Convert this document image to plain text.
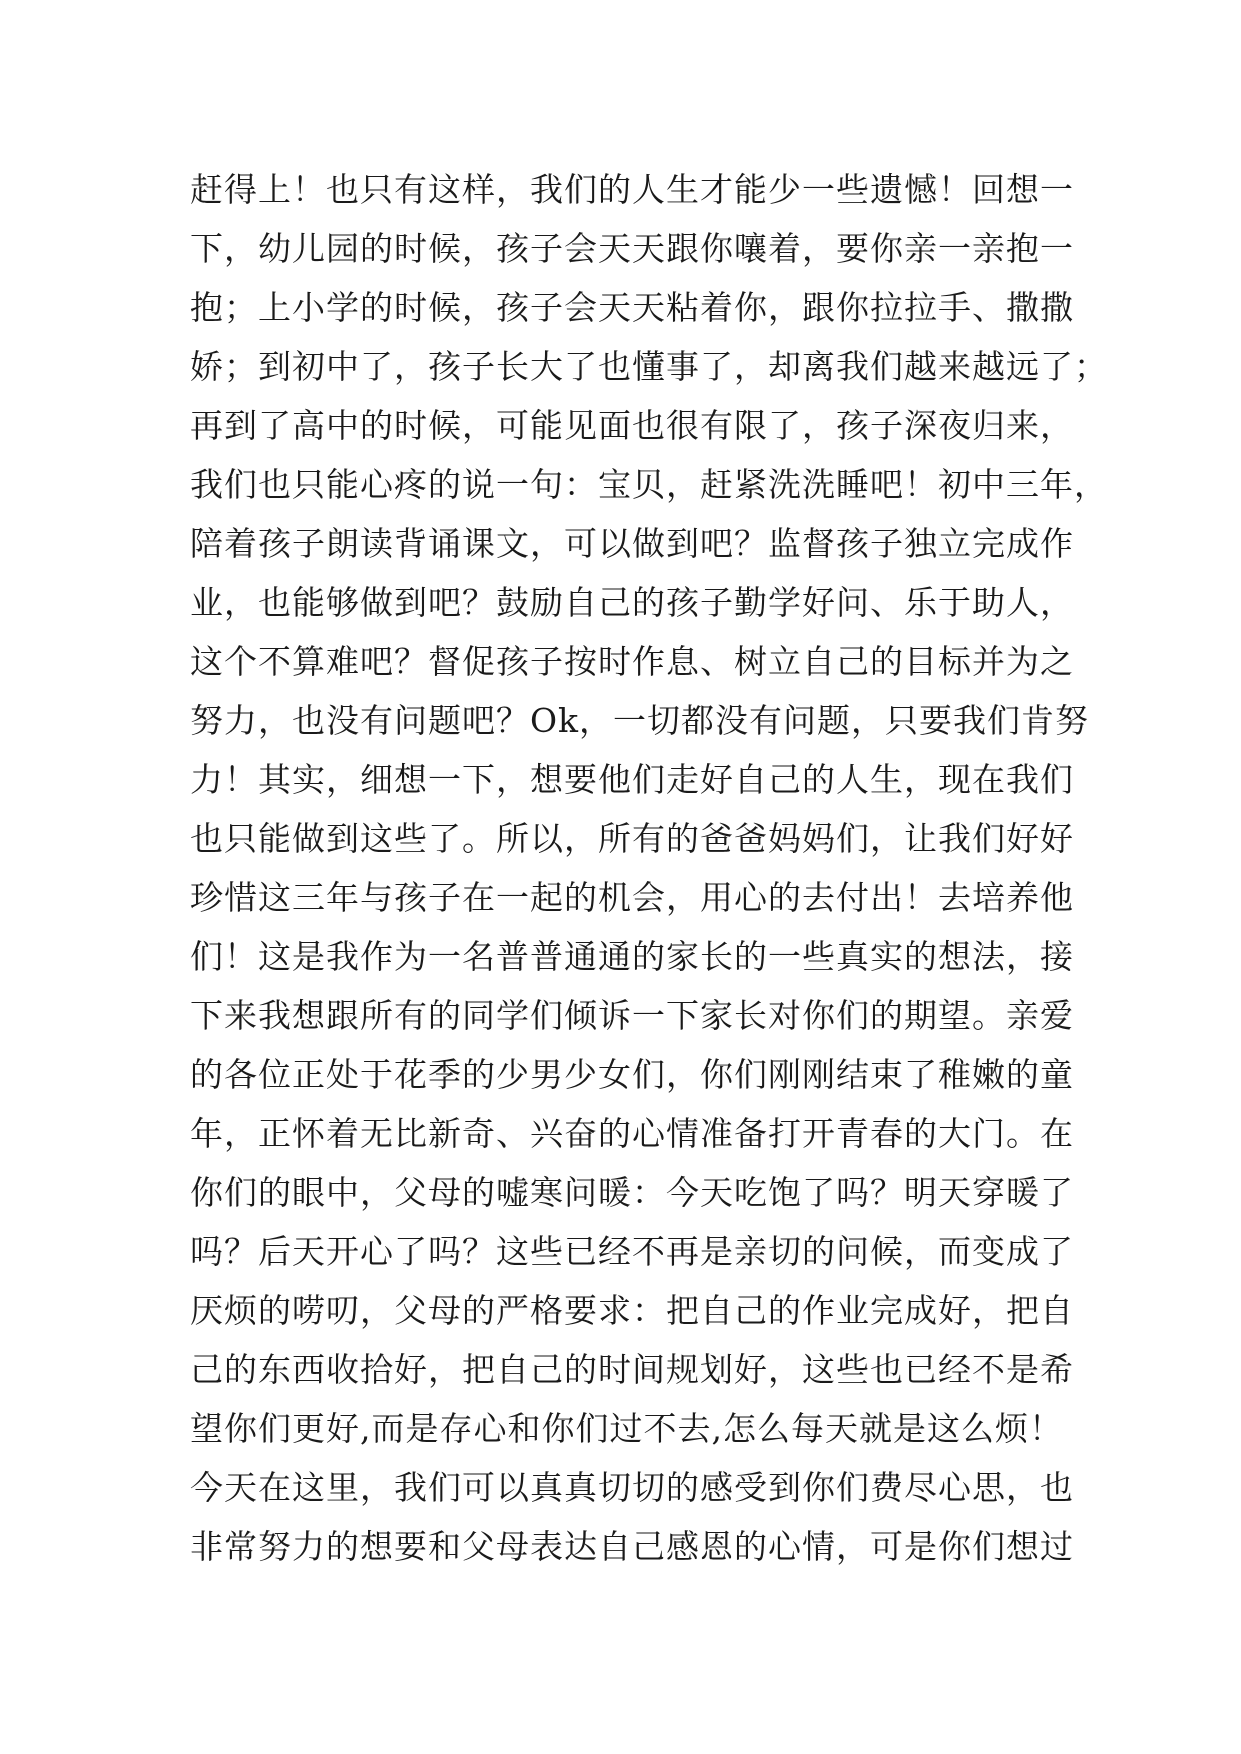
赶得上！也只有这样，我们的人生才能少一些遗憾！回想一
下，幼儿园的时候，孩子会天天跟你嚷着，要你亲一亲抱一
抱；上小学的时候，孩子会天天粘着你，跟你拉拉手、撒撒
娇；到初中了，孩子长大了也懂事了，却离我们越来越远了；
再到了高中的时候，可能见面也很有限了，孩子深夜归来，
我们也只能心疼的说一句：宝贝，赶紧洗洗睡吧！初中三年，
陪着孩子朗读背诵课文，可以做到吧？监督孩子独立完成作
业，也能够做到吧？鼓励自己的孩子勤学好问、乐于助人，
这个不算难吧？督促孩子按时作息、树立自己的目标并为之
努力，也没有问题吧？Ok，一切都没有问题，只要我们肯努
力！其实，细想一下，想要他们走好自己的人生，现在我们
也只能做到这些了。所以，所有的爸爸妈妈们，让我们好好
珍惜这三年与孩子在一起的机会，用心的去付出！去培养他
们！这是我作为一名普普通通的家长的一些真实的想法，接
下来我想跟所有的同学们倾诉一下家长对你们的期望。亲爱
的各位正处于花季的少男少女们，你们刚刚结束了稚嫩的童
年，正怀着无比新奇、兴奋的心情准备打开青春的大门。在
你们的眼中，父母的嘘寒问暖：今天吃饱了吗？明天穿暖了
吗？后天开心了吗？这些已经不再是亲切的问候，而变成了
厌烦的唠叨，父母的严格要求：把自己的作业完成好，把自
己的东西收拾好，把自己的时间规划好，这些也已经不是希
望你们更好,而是存心和你们过不去,怎么每天就是这么烦！
今天在这里，我们可以真真切切的感受到你们费尽心思，也
非常努力的想要和父母表达自己感恩的心情，可是你们想过
